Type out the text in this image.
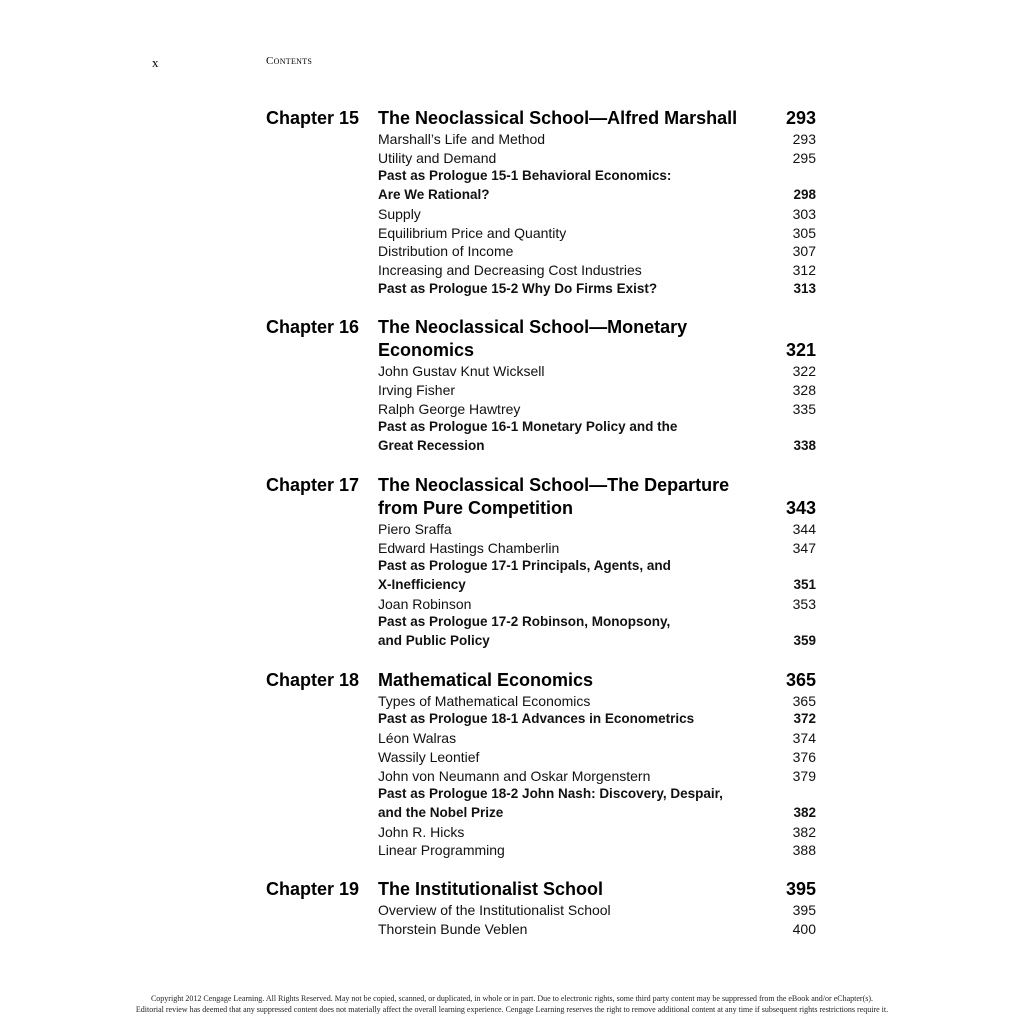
x	Contents
Chapter 15 The Neoclassical School—Alfred Marshall	293
Marshall’s Life and Method	293
Utility and Demand	295
Past as Prologue 15-1 Behavioral Economics:
Are We Rational?	298
Supply	303
Equilibrium Price and Quantity	305
Distribution of Income	307
Increasing and Decreasing Cost Industries	312
Past as Prologue 15-2 Why Do Firms Exist?	313
Chapter 16 The Neoclassical School—Monetary
Economics	321
John Gustav Knut Wicksell	322
Irving Fisher	328
Ralph George Hawtrey	335
Past as Prologue 16-1 Monetary Policy and the
Great Recession	338
Chapter 17 The Neoclassical School—The Departure
from Pure Competition	343
Piero Sraffa	344
Edward Hastings Chamberlin	347
Past as Prologue 17-1 Principals, Agents, and
X-Inefficiency	351
Joan Robinson	353
Past as Prologue 17-2 Robinson, Monopsony,
and Public Policy	359
Chapter 18 Mathematical Economics	365
Types of Mathematical Economics	365
Past as Prologue 18-1 Advances in Econometrics	372
Léon Walras	374
Wassily Leontief	376
John von Neumann and Oskar Morgenstern	379
Past as Prologue 18-2 John Nash: Discovery, Despair,
and the Nobel Prize	382
John R. Hicks	382
Linear Programming	388
Chapter 19 The Institutionalist School	395
Overview of the Institutionalist School	395
Thorstein Bunde Veblen	400
Copyright 2012 Cengage Learning. All Rights Reserved. May not be copied, scanned, or duplicated, in whole or in part. Due to electronic rights, some third party content may be suppressed from the eBook and/or eChapter(s).
Editorial review has deemed that any suppressed content does not materially affect the overall learning experience. Cengage Learning reserves the right to remove additional content at any time if subsequent rights restrictions require it.
